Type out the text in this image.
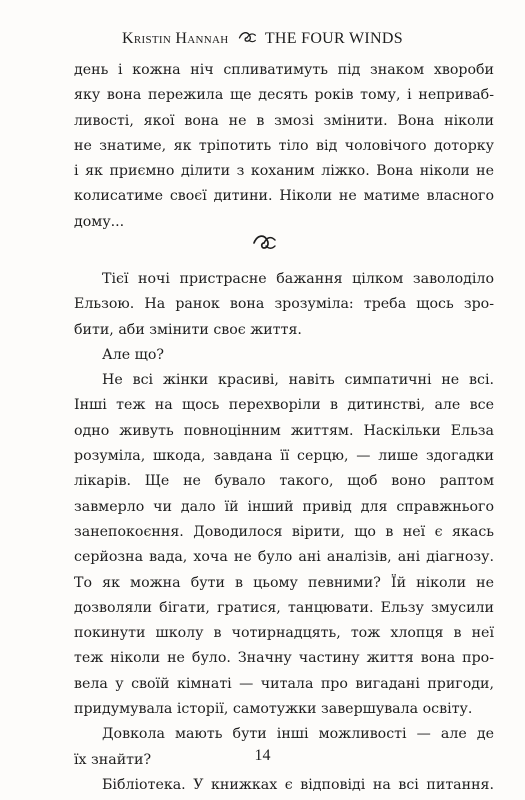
Kristin Hannah THE FOUR WINDS
день і кожна ніч спливатимуть під знаком хвороби
яку вона пережила ще десять років тому, і неприваб-
ливості, якої вона не в змозі змінити. Вона ніколи
не знатиме, як тріпотить тіло від чоловічого доторку
і як приємно ділити з коханим ліжко. Вона ніколи не
колисатиме своєї дитини. Ніколи не матиме власного
дому...
Тієї ночі пристрасне бажання цілком заволоділо
Ельзою. На ранок вона зрозуміла: треба щось зро-
бити, аби змінити своє життя.
Але що?
Не всі жінки красиві, навіть симпатичні не всі.
Інші теж на щось перехворіли в дитинстві, але все
одно живуть повноцінним життям. Наскільки Ельза
розуміла, шкода, завдана її серцю, — лише здогадки
лікарів. Ще не бувало такого, щоб воно раптом
завмерло чи дало їй інший привід для справжнього
занепокоєння. Доводилося вірити, що в неї є якась
серйозна вада, хоча не було ані аналізів, ані діагнозу.
То як можна бути в цьому певними? Їй ніколи не
дозволяли бігати, гратися, танцювати. Ельзу змусили
покинути школу в чотирнадцять, тож хлопця в неї
теж ніколи не було. Значну частину життя вона про-
вела у своїй кімнаті — читала про вигадані пригоди,
придумувала історії, самотужки завершувала освіту.
Довкола мають бути інші можливості — але де
їх знайти?
Бібліотека. У книжках є відповіді на всі питання.
14
